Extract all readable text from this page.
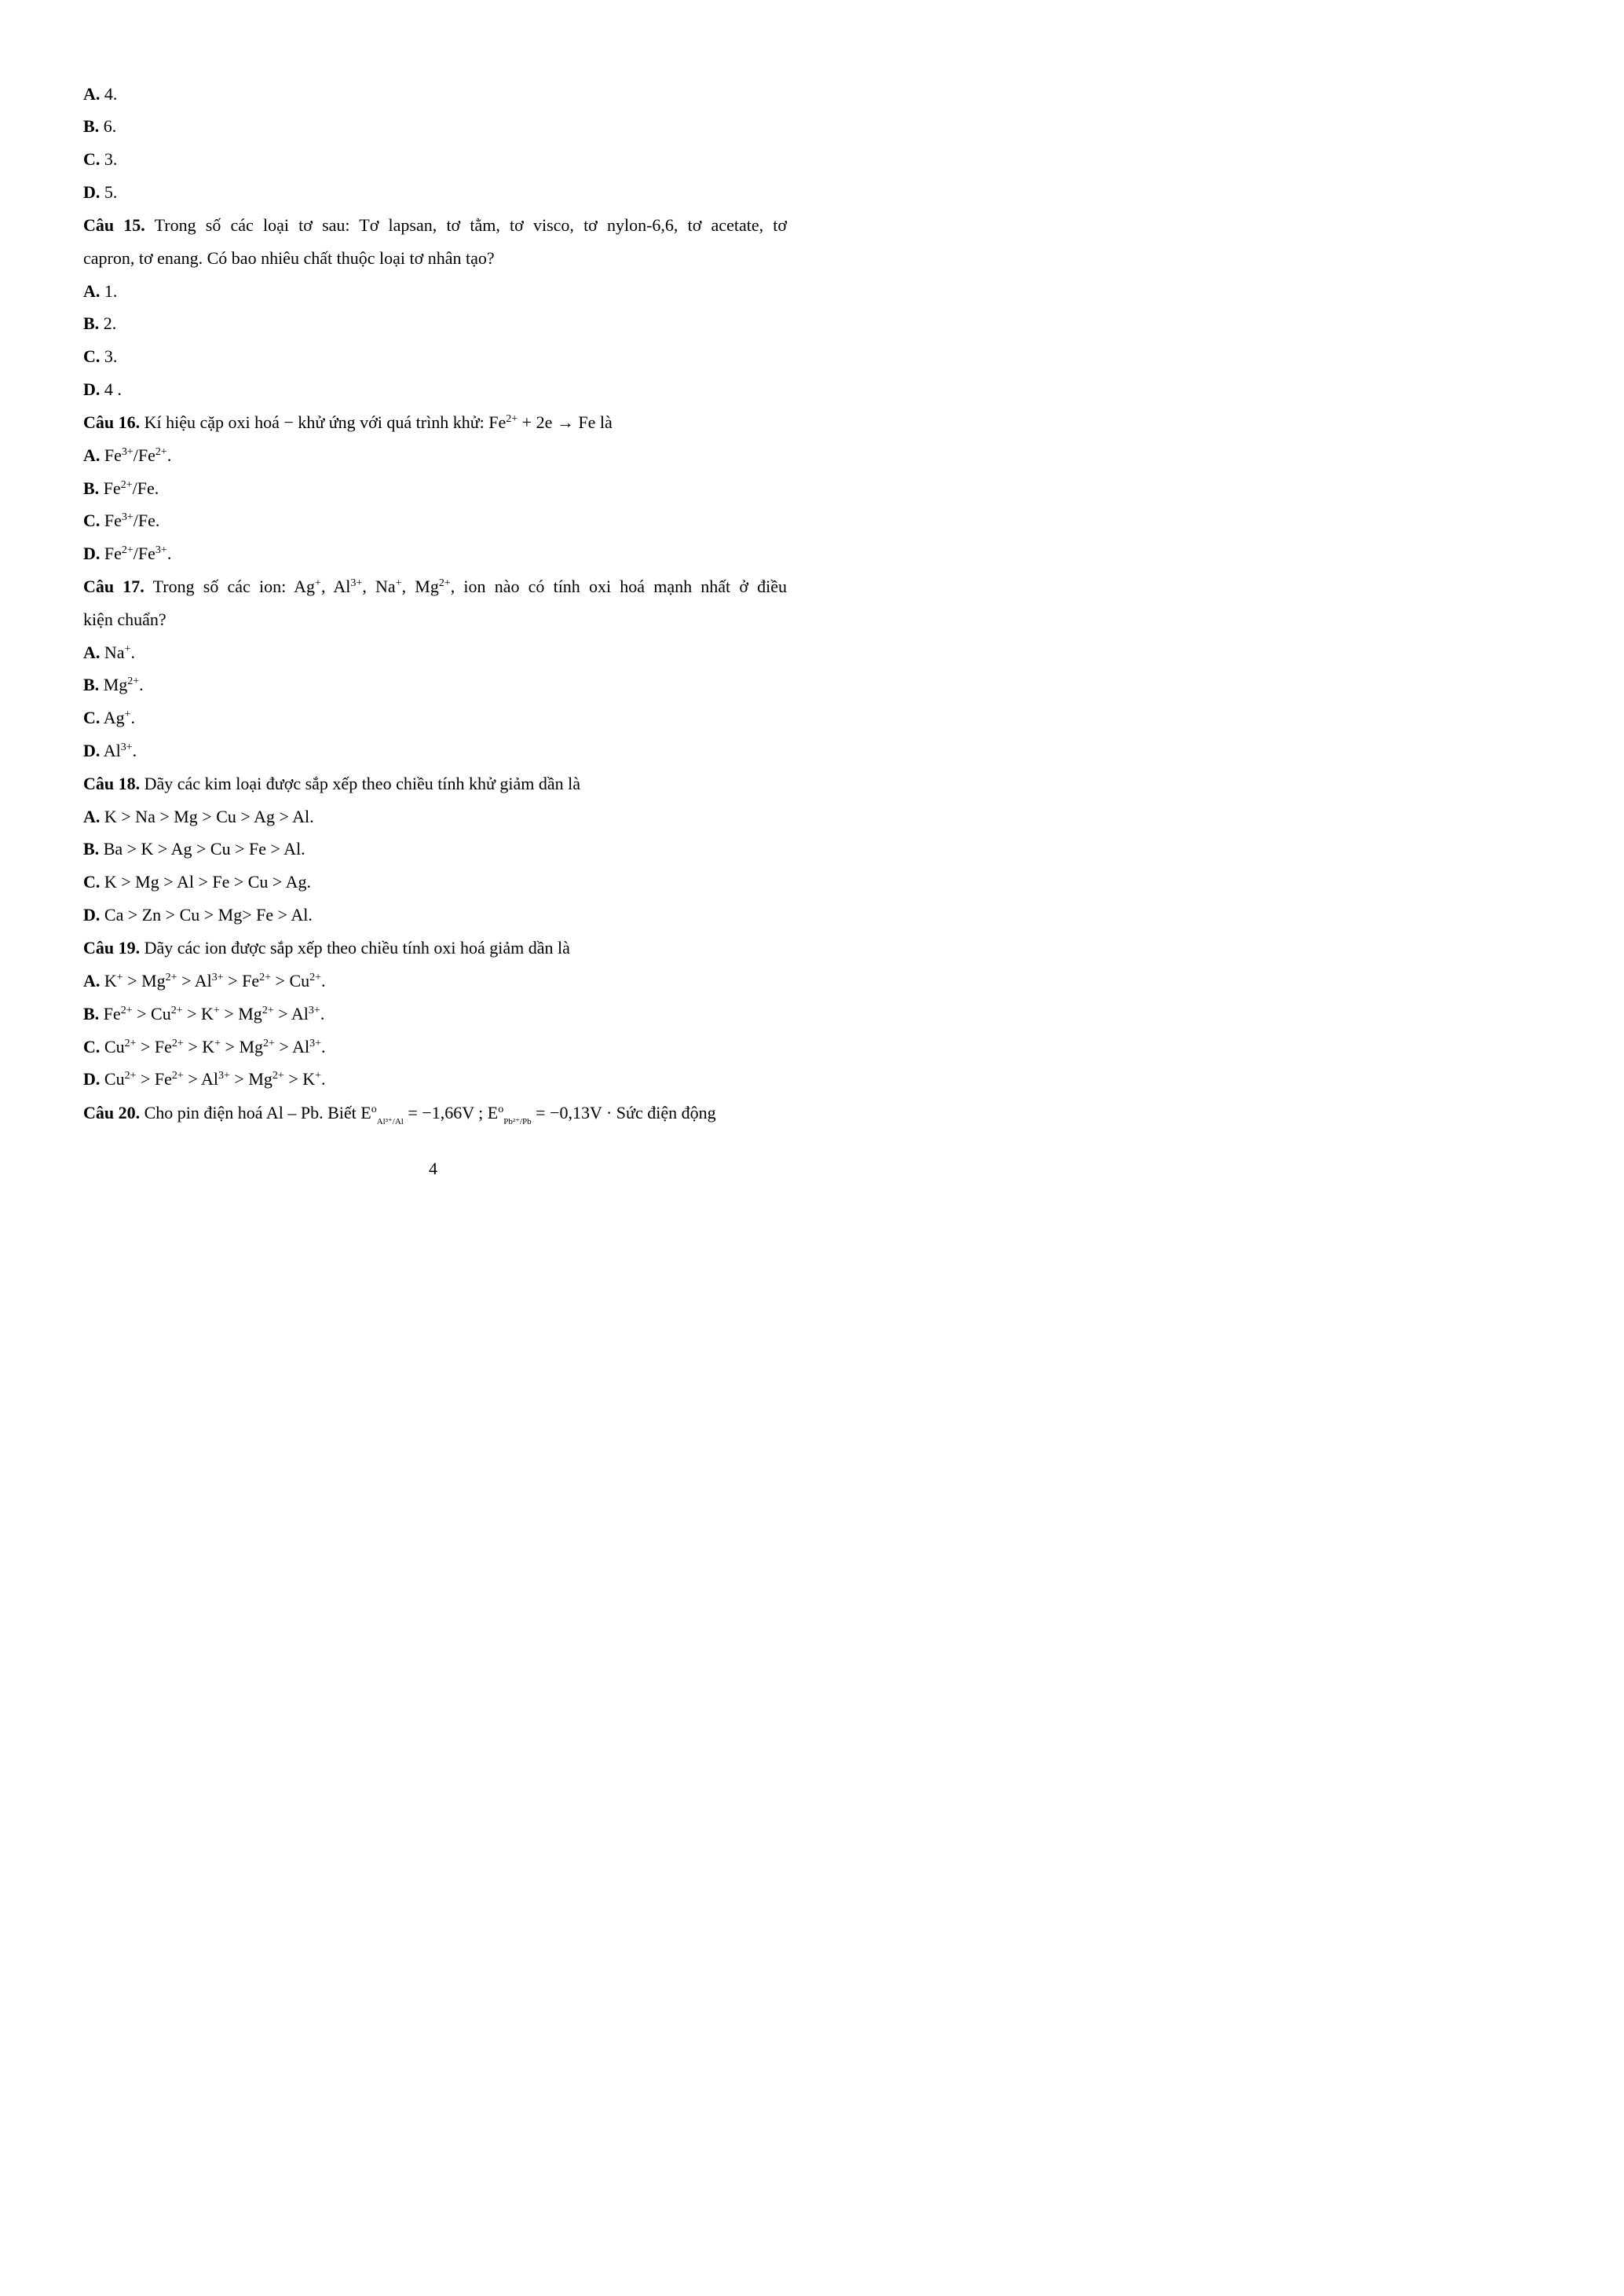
A. 4.
B. 6.
C. 3.
D. 5.
Câu 15. Trong số các loại tơ sau: Tơ lapsan, tơ tằm, tơ visco, tơ nylon-6,6, tơ acetate, tơ
capron, tơ enang. Có bao nhiêu chất thuộc loại tơ nhân tạo?
A. 1.
B. 2.
C. 3.
D. 4 .
Câu 16. Kí hiệu cặp oxi hoá − khử ứng với quá trình khử: $Fe^{2+} + 2e \to Fe$ là
A. $Fe^{3+}/Fe^{2+}$.
B. $Fe^{2+}/Fe$.
C. $Fe^{3+}/Fe$.
D. $Fe^{2+}/Fe^{3+}$.
Câu 17. Trong số các ion: Ag+, $Al^{3+}$, Na+, $Mg^{2+}$, ion nào có tính oxi hoá mạnh nhất ở điều
kiện chuẩn?
A. Na+.
B. $Mg^{2+}$.
C. Ag+.
D. $Al^{3+}$.
Câu 18. Dãy các kim loại được sắp xếp theo chiều tính khử giảm dần là
A. K > Na > Mg > Cu > Ag > Al.
B. Ba > K > Ag > Cu > Fe > Al.
C. K > Mg > Al > Fe > Cu > Ag.
D. Ca > Zn > Cu > Mg> Fe > Al.
Câu 19. Dãy các ion được sắp xếp theo chiều tính oxi hoá giảm dần là
A. $K^+ > Mg^{2+} > Al^{3+} > Fe^{2+} > Cu^{2+}$.
B. $Fe^{2+} > Cu^{2+} > K^+ > Mg^{2+} > Al^{3+}$.
C. $Cu^{2+} > Fe^{2+} > K^+ > Mg^{2+} > Al^{3+}$.
D. $Cu^{2+} > Fe^{2+} > Al^{3+} > Mg^{2+} > K^+$.
Câu 20. Cho pin điện hoá Al – Pb. Biết $E^o_{Al^{3+}/Al} = -1,66V$ ; $E^o_{Pb^{2+}/Pb} = -0,13V$ · Sức điện động
4
